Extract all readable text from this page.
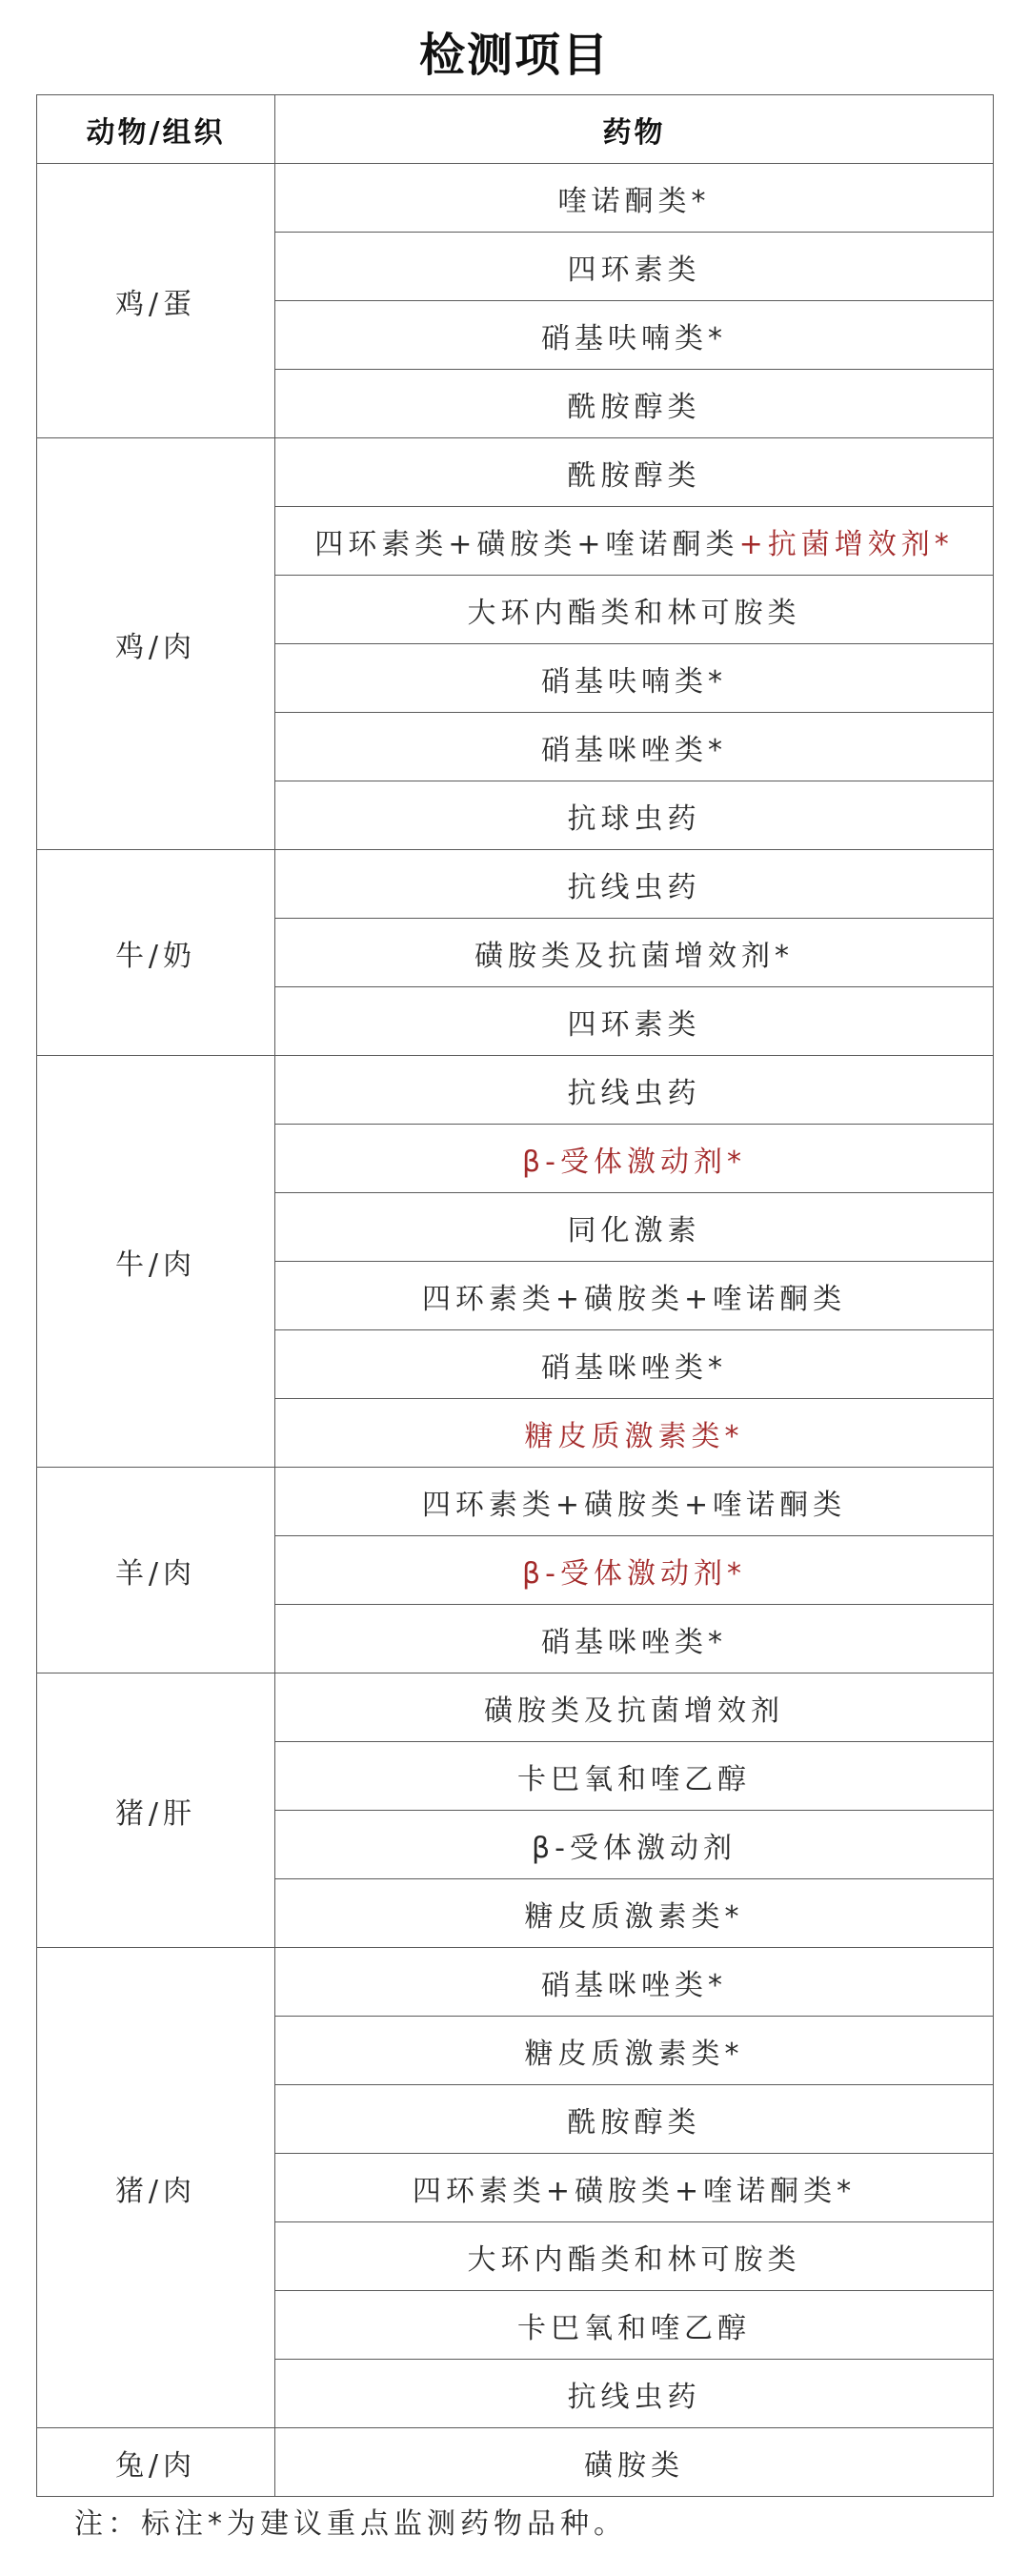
检测项目
动物/组织	药物
鸡/蛋	喹诺酮类*
	四环素类
	硝基呋喃类*
	酰胺醇类
鸡/肉	酰胺醇类
	四环素类+磺胺类+喹诺酮类+抗菌增效剂*
	大环内酯类和林可胺类
	硝基呋喃类*
	硝基咪唑类*
	抗球虫药
牛/奶	抗线虫药
	磺胺类及抗菌增效剂*
	四环素类
牛/肉	抗线虫药
	β-受体激动剂*
	同化激素
	四环素类+磺胺类+喹诺酮类
	硝基咪唑类*
	糖皮质激素类*
羊/肉	四环素类+磺胺类+喹诺酮类
	β-受体激动剂*
	硝基咪唑类*
猪/肝	磺胺类及抗菌增效剂
	卡巴氧和喹乙醇
	β-受体激动剂
	糖皮质激素类*
猪/肉	硝基咪唑类*
	糖皮质激素类*
	酰胺醇类
	四环素类+磺胺类+喹诺酮类*
	大环内酯类和林可胺类
	卡巴氧和喹乙醇
	抗线虫药
兔/肉	磺胺类
注：标注*为建议重点监测药物品种。
